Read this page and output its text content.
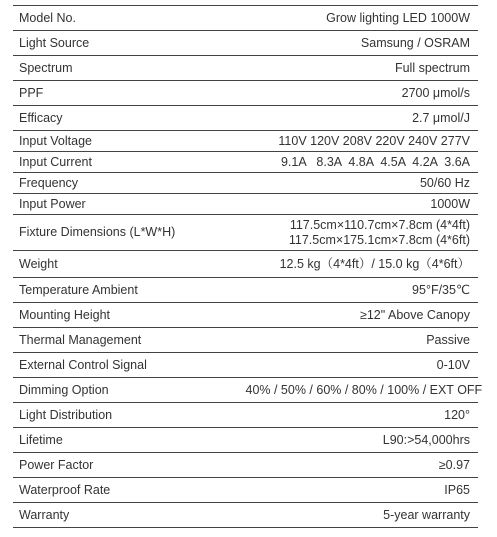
Model No.	Grow lighting LED 1000W
Light Source	Samsung / OSRAM
Spectrum	Full spectrum
PPF	2700 μmol/s
Efficacy	2.7 μmol/J
Input Voltage	110V 120V 208V 220V 240V 277V
Input Current	9.1A   8.3A  4.8A  4.5A  4.2A  3.6A
Frequency	50/60 Hz
Input Power	1000W
Fixture Dimensions (L*W*H)	117.5cm×110.7cm×7.8cm (4*4ft)
117.5cm×175.1cm×7.8cm (4*6ft)

Weight	12.5 kg（4*4ft）/ 15.0 kg（4*6ft）
Temperature Ambient	95°F/35℃
Mounting Height	≥12" Above Canopy
Thermal Management	Passive
External Control Signal	0-10V
Dimming Option	40% / 50% / 60% / 80% / 100% / EXT OFF
Light Distribution	120°
Lifetime	L90:>54,000hrs
Power Factor	≥0.97
Waterproof Rate	IP65
Warranty	5-year warranty
